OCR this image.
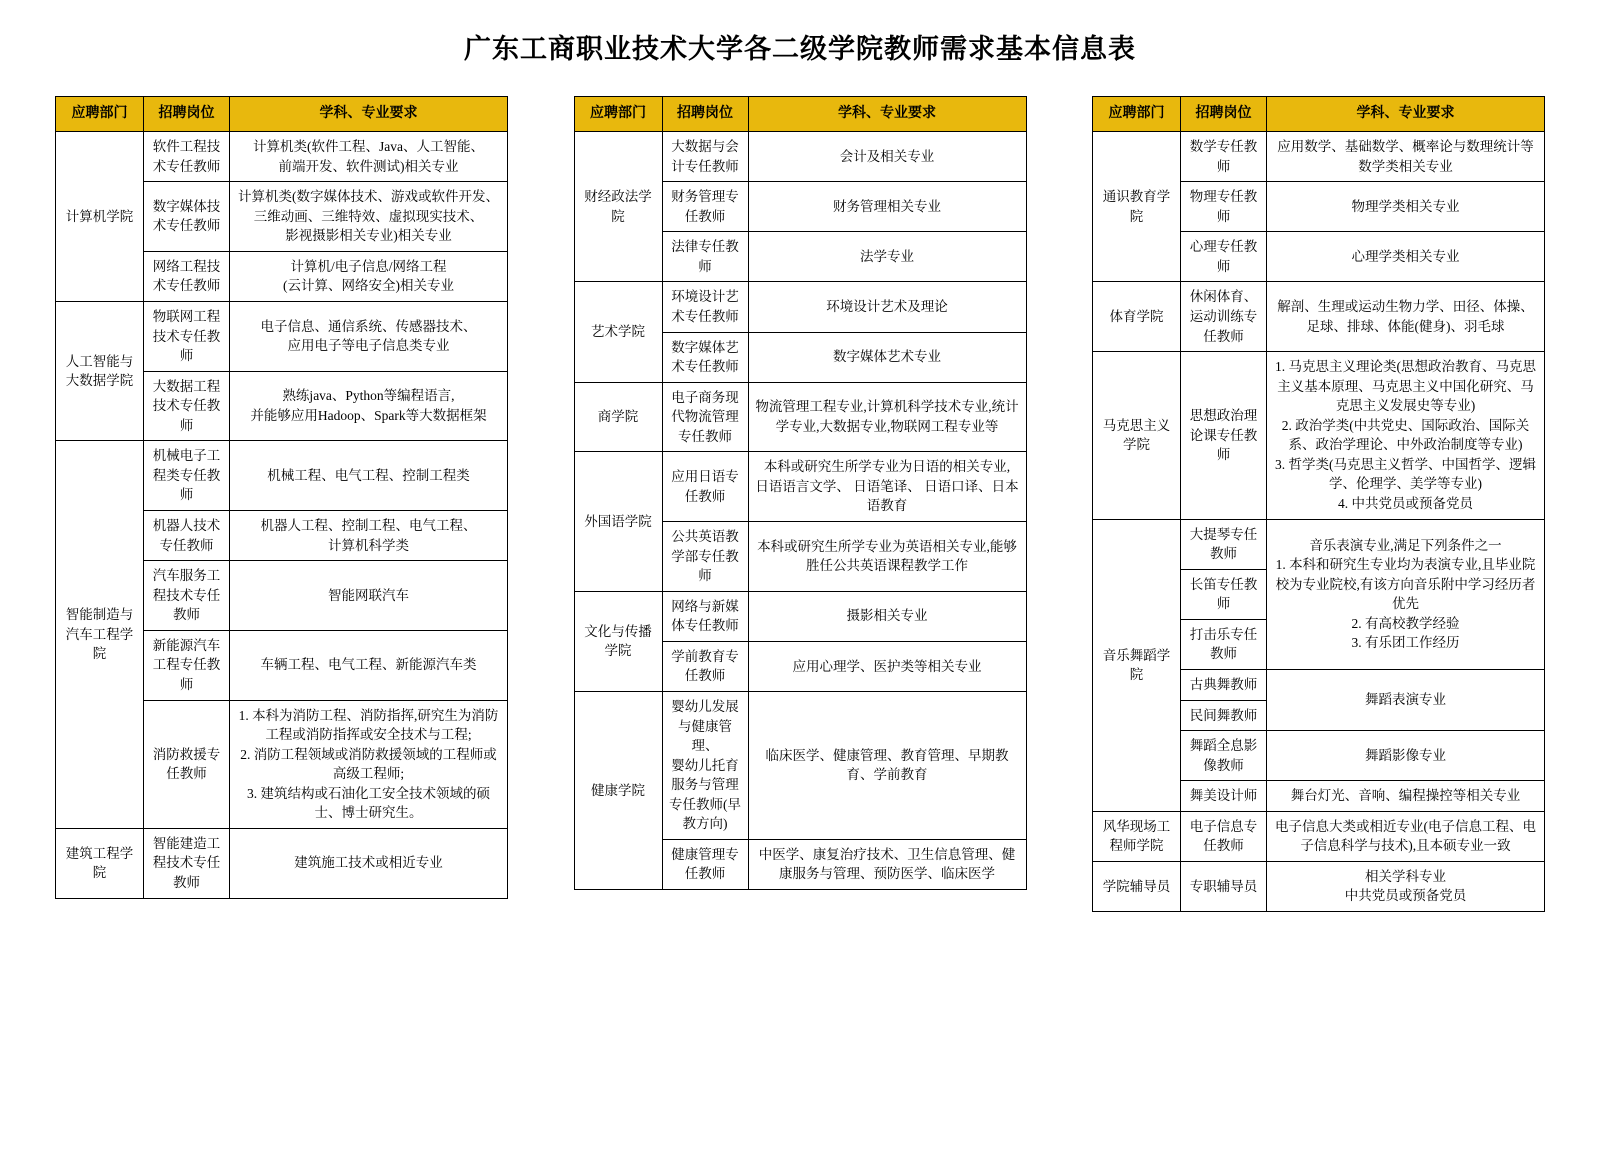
广东工商职业技术大学各二级学院教师需求基本信息表
应聘部门	招聘岗位	学科、专业要求
计算机学院	软件工程技术专任教师	计算机类(软件工程、Java、人工智能、
前端开发、软件测试)相关专业
	数字媒体技术专任教师	计算机类(数字媒体技术、游戏或软件开发、
三维动画、三维特效、虚拟现实技术、
影视摄影相关专业)相关专业
	网络工程技术专任教师	计算机/电子信息/网络工程
(云计算、网络安全)相关专业
人工智能与大数据学院	物联网工程技术专任教师	电子信息、通信系统、传感器技术、
应用电子等电子信息类专业
	大数据工程技术专任教师	熟练java、Python等编程语言,
并能够应用Hadoop、Spark等大数据框架
智能制造与汽车工程学院	机械电子工程类专任教师	机械工程、电气工程、控制工程类
	机器人技术专任教师	机器人工程、控制工程、电气工程、
计算机科学类
	汽车服务工程技术专任教师	智能网联汽车
	新能源汽车工程专任教师	车辆工程、电气工程、新能源汽车类
	消防救援专任教师	1. 本科为消防工程、消防指挥,研究生为消防工程或消防指挥或安全技术与工程;
2. 消防工程领域或消防救援领域的工程师或高级工程师;
3. 建筑结构或石油化工安全技术领域的硕士、博士研究生。
建筑工程学院	智能建造工程技术专任教师	建筑施工技术或相近专业
应聘部门	招聘岗位	学科、专业要求
财经政法学院	大数据与会计专任教师	会计及相关专业
	财务管理专任教师	财务管理相关专业
	法律专任教师	法学专业
艺术学院	环境设计艺术专任教师	环境设计艺术及理论
	数字媒体艺术专任教师	数字媒体艺术专业
商学院	电子商务现代物流管理专任教师	物流管理工程专业,计算机科学技术专业,统计学专业,大数据专业,物联网工程专业等
外国语学院	应用日语专任教师	本科或研究生所学专业为日语的相关专业,
日语语言文学、 日语笔译、 日语口译、日本语教育
	公共英语教学部专任教师	本科或研究生所学专业为英语相关专业,能够胜任公共英语课程教学工作
文化与传播学院	网络与新媒体专任教师	摄影相关专业
	学前教育专任教师	应用心理学、医护类等相关专业
健康学院	婴幼儿发展与健康管理、
婴幼儿托育服务与管理专任教师(早教方向)	临床医学、健康管理、教育管理、早期教育、学前教育
	健康管理专任教师	中医学、康复治疗技术、卫生信息管理、健康服务与管理、预防医学、临床医学
应聘部门	招聘岗位	学科、专业要求
通识教育学院	数学专任教师	应用数学、基础数学、概率论与数理统计等数学类相关专业
	物理专任教师	物理学类相关专业
	心理专任教师	心理学类相关专业
体育学院	休闲体育、运动训练专任教师	解剖、生理或运动生物力学、田径、体操、足球、排球、体能(健身)、羽毛球
马克思主义学院	思想政治理论课专任教师	1. 马克思主义理论类(思想政治教育、马克思主义基本原理、马克思主义中国化研究、马克思主义发展史等专业)
2. 政治学类(中共党史、国际政治、国际关系、政治学理论、中外政治制度等专业)
3. 哲学类(马克思主义哲学、中国哲学、逻辑学、伦理学、美学等专业)
4. 中共党员或预备党员
音乐舞蹈学院	大提琴专任教师	音乐表演专业,满足下列条件之一
1. 本科和研究生专业均为表演专业,且毕业院校为专业院校,有该方向音乐附中学习经历者优先
2. 有高校教学经验
3. 有乐团工作经历
	长笛专任教师	
	打击乐专任教师	
	古典舞教师	舞蹈表演专业
	民间舞教师	
	舞蹈全息影像教师	舞蹈影像专业
	舞美设计师	舞台灯光、音响、编程操控等相关专业
风华现场工程师学院	电子信息专任教师	电子信息大类或相近专业(电子信息工程、电子信息科学与技术),且本硕专业一致
学院辅导员	专职辅导员	相关学科专业
中共党员或预备党员
